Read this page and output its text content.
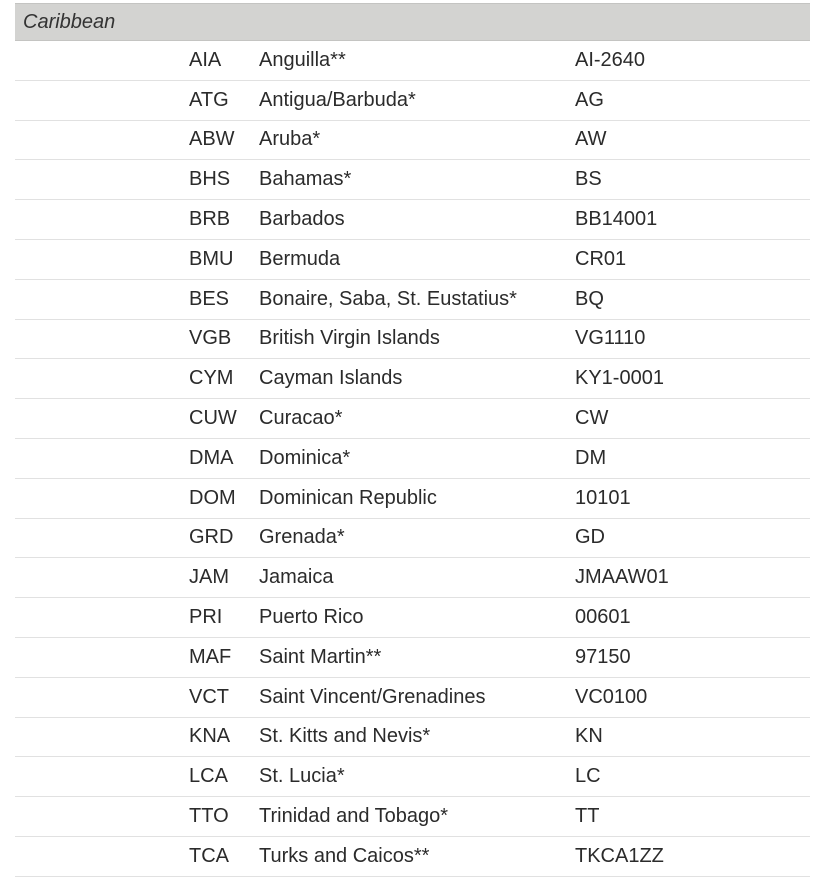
Caribbean
AIA Anguilla**	AI-2640
ATG Antigua/Barbuda*	AG
ABW Aruba*	AW
BHS Bahamas*	BS
BRB Barbados	BB14001
BMU Bermuda	CR01
BES Bonaire, Saba, St. Eustatius*	BQ
VGB British Virgin Islands	VG1110
CYM Cayman Islands	KY1-0001
CUW Curacao*	CW
DMA Dominica*	DM
DOM Dominican Republic	10101
GRD Grenada*	GD
JAM Jamaica	JMAAW01
PRI Puerto Rico	00601
MAF Saint Martin**	97150
VCT Saint Vincent/Grenadines	VC0100
KNA St. Kitts and Nevis*	KN
LCA St. Lucia*	LC
TTO Trinidad and Tobago*	TT
TCA Turks and Caicos**	TKCA1ZZ
